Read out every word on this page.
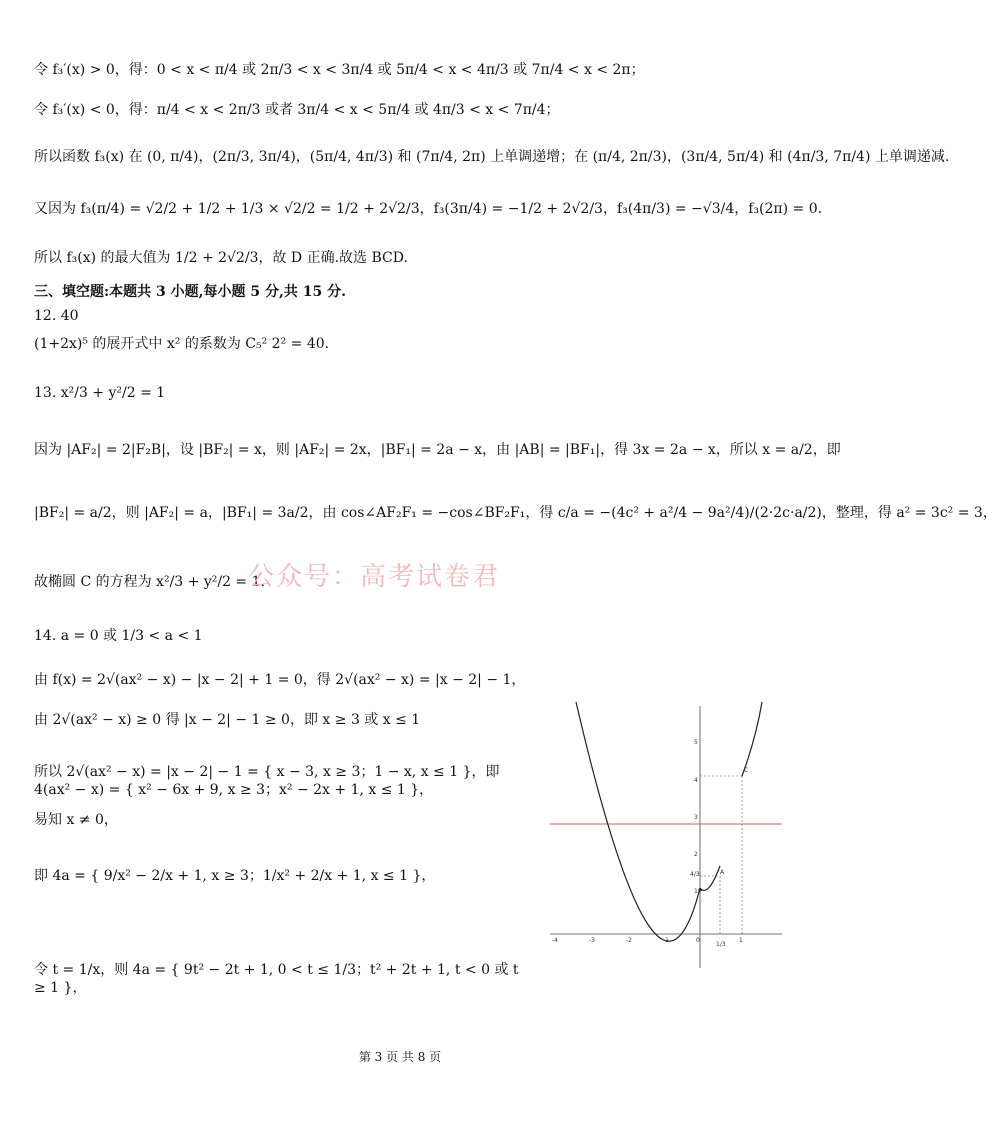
令 f₃′(x) > 0，得：0 < x < π/4 或 2π/3 < x < 3π/4 或 5π/4 < x < 4π/3 或 7π/4 < x < 2π；
令 f₃′(x) < 0，得：π/4 < x < 2π/3 或者 3π/4 < x < 5π/4 或 4π/3 < x < 7π/4；
所以函数 f₃(x) 在 (0, π/4)，(2π/3, 3π/4)，(5π/4, 4π/3) 和 (7π/4, 2π) 上单调递增；在 (π/4, 2π/3)，(3π/4, 5π/4) 和 (4π/3, 7π/4) 上单调递减.
又因为 f₃(π/4) = √2/2 + 1/2 + 1/3 × √2/2 = 1/2 + 2√2/3，f₃(3π/4) = −1/2 + 2√2/3，f₃(4π/3) = −√3/4，f₃(2π) = 0.
所以 f₃(x) 的最大值为 1/2 + 2√2/3，故 D 正确.故选 BCD.
三、填空题:本题共 3 小题,每小题 5 分,共 15 分.
12. 40
(1+2x)⁵ 的展开式中 x² 的系数为 C₅² 2² = 40.
13. x²/3 + y²/2 = 1
因为 |AF₂| = 2|F₂B|，设 |BF₂| = x，则 |AF₂| = 2x，|BF₁| = 2a − x，由 |AB| = |BF₁|，得 3x = 2a − x，所以 x = a/2，即
|BF₂| = a/2，则 |AF₂| = a，|BF₁| = 3a/2，由 cos∠AF₂F₁ = −cos∠BF₂F₁，得 c/a = −(4c² + a²/4 − 9a²/4)/(2·2c·a/2)，整理，得 a² = 3c² = 3，
故椭圆 C 的方程为 x²/3 + y²/2 = 1.
14. a = 0 或 1/3 < a < 1
由 f(x) = 2√(ax² − x) − |x − 2| + 1 = 0，得 2√(ax² − x) = |x − 2| − 1，
由 2√(ax² − x) ≥ 0 得 |x − 2| − 1 ≥ 0，即 x ≥ 3 或 x ≤ 1
所以 2√(ax² − x) = |x − 2| − 1 = { x − 3, x ≥ 3；1 − x, x ≤ 1 }，即 4(ax² − x) = { x² − 6x + 9, x ≥ 3；x² − 2x + 1, x ≤ 1 }，
易知 x ≠ 0，
即 4a = { 9/x² − 2/x + 1, x ≥ 3；1/x² + 2/x + 1, x ≤ 1 }，
令 t = 1/x，则 4a = { 9t² − 2t + 1, 0 < t ≤ 1/3；t² + 2t + 1, t < 0 或 t ≥ 1 }，
公众号：高考试卷君
A
C
-4	-3	-2	-1	0	1
1/3
1
2
3
4
5
4/3
第 3 页 共 8 页
